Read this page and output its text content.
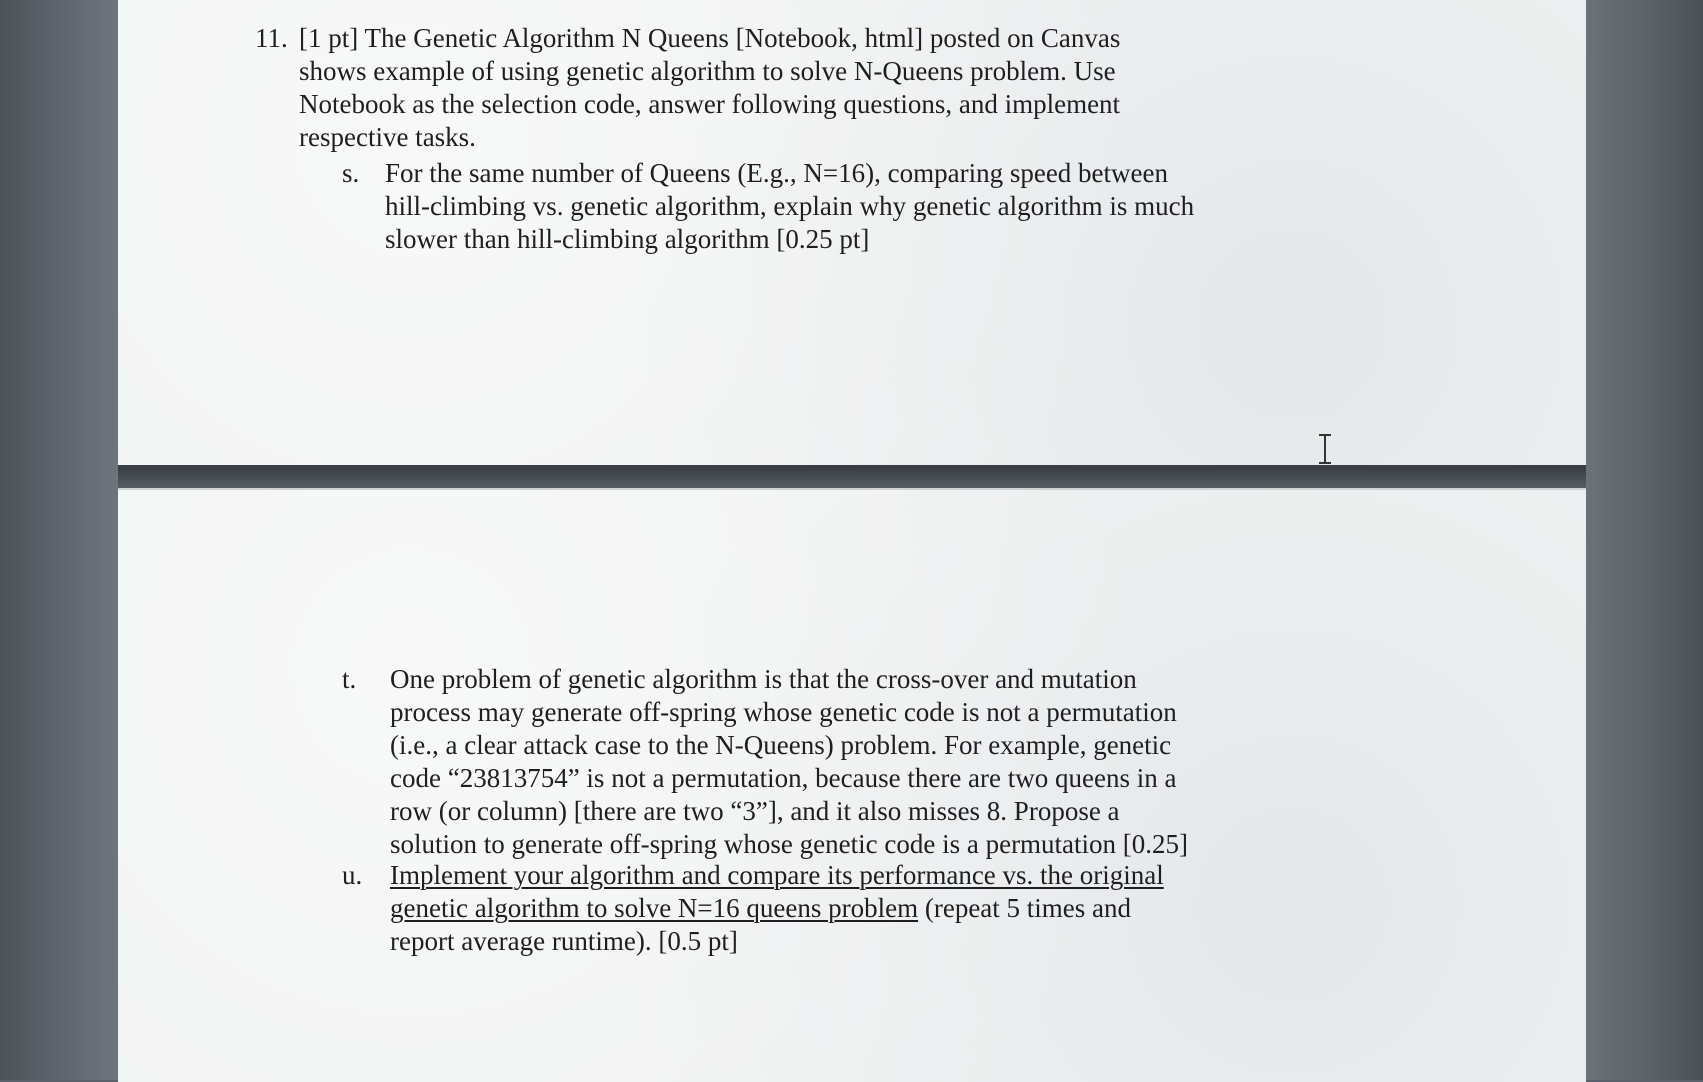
11. [1 pt] The Genetic Algorithm N Queens [Notebook, html] posted on Canvas
shows example of using genetic algorithm to solve N-Queens problem. Use
Notebook as the selection code, answer following questions, and implement
respective tasks.
s. For the same number of Queens (E.g., N=16), comparing speed between
hill-climbing vs. genetic algorithm, explain why genetic algorithm is much
slower than hill-climbing algorithm [0.25 pt]
t. One problem of genetic algorithm is that the cross-over and mutation
process may generate off-spring whose genetic code is not a permutation
(i.e., a clear attack case to the N-Queens) problem. For example, genetic
code “23813754” is not a permutation, because there are two queens in a
row (or column) [there are two “3”], and it also misses 8. Propose a
solution to generate off-spring whose genetic code is a permutation [0.25]
u. Implement your algorithm and compare its performance vs. the original
genetic algorithm to solve N=16 queens problem (repeat 5 times and
report average runtime). [0.5 pt]
